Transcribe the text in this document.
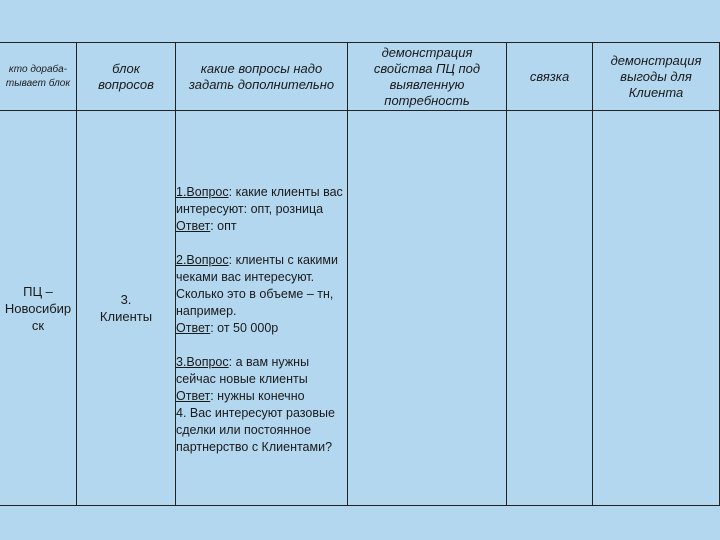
кто дораба-
тывает блок
блок
вопросов
какие вопросы надо
задать дополнительно
демонстрация
свойства ПЦ под
выявленную
потребность
связка
демонстрация
выгоды для
Клиента
ПЦ –
Новосибир
ск
3.
Клиенты

1.Вопрос: какие клиенты вас интересуют: опт, розница

Ответ: опт

2.Вопрос: клиенты с какими чеками вас интересуют. Сколько это в объеме – тн, например.

Ответ: от 50 000р

3.Вопрос: а вам нужны сейчас новые клиенты

Ответ: нужны конечно

4. Вас интересуют разовые сделки или постоянное партнерство с Клиентами?
